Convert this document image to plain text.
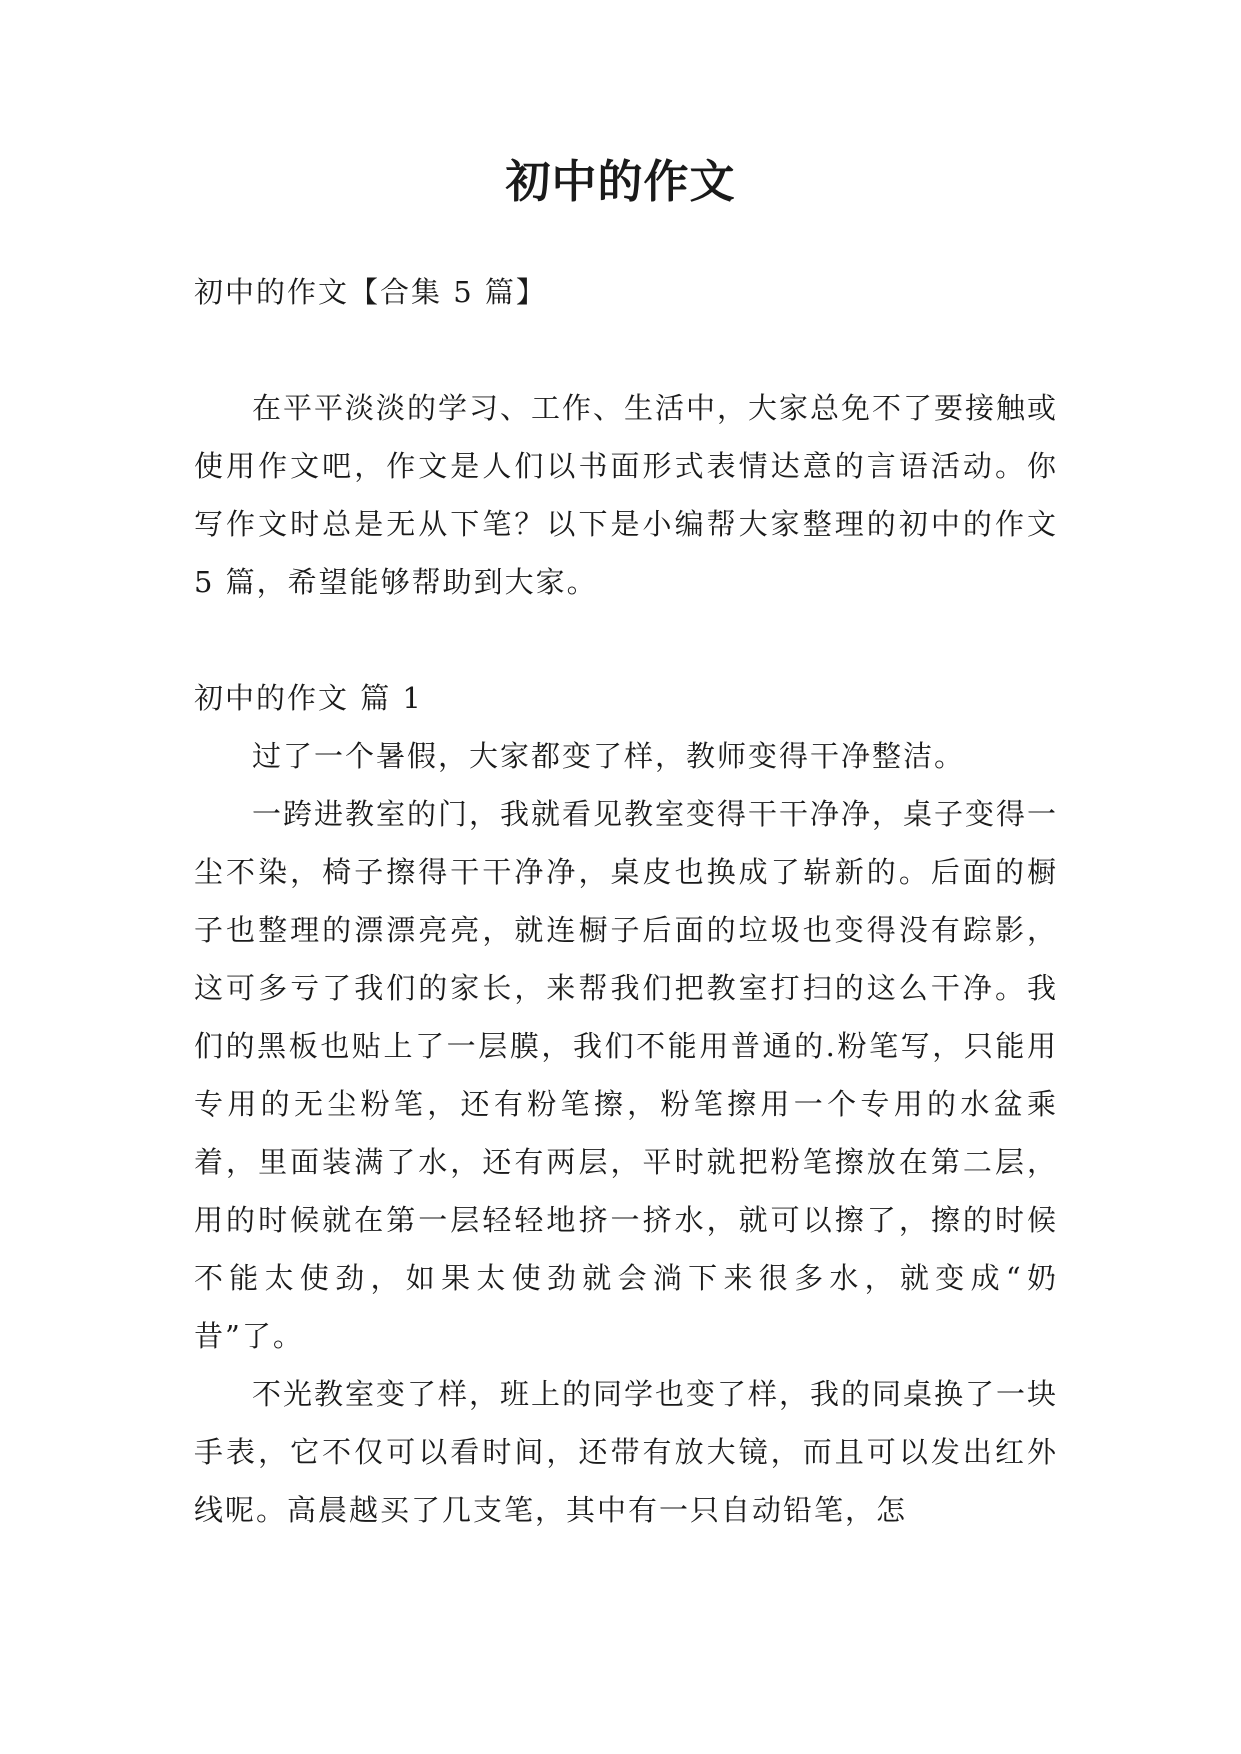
初中的作文

初中的作文【合集 5 篇】

在平平淡淡的学习、工作、生活中，大家总免不了要接触或使用作文吧，作文是人们以书面形式表情达意的言语活动。你写作文时总是无从下笔？以下是小编帮大家整理的初中的作文 5 篇，希望能够帮助到大家。

初中的作文 篇 1

过了一个暑假，大家都变了样，教师变得干净整洁。

一跨进教室的门，我就看见教室变得干干净净，桌子变得一尘不染，椅子擦得干干净净，桌皮也换成了崭新的。后面的橱子也整理的漂漂亮亮，就连橱子后面的垃圾也变得没有踪影，这可多亏了我们的家长，来帮我们把教室打扫的这么干净。我们的黑板也贴上了一层膜，我们不能用普通的.粉笔写，只能用专用的无尘粉笔，还有粉笔擦，粉笔擦用一个专用的水盆乘着，里面装满了水，还有两层，平时就把粉笔擦放在第二层，用的时候就在第一层轻轻地挤一挤水，就可以擦了，擦的时候不能太使劲，如果太使劲就会淌下来很多水，就变成“奶昔”了。

不光教室变了样，班上的同学也变了样，我的同桌换了一块手表，它不仅可以看时间，还带有放大镜，而且可以发出红外线呢。高晨越买了几支笔，其中有一只自动铅笔，怎
